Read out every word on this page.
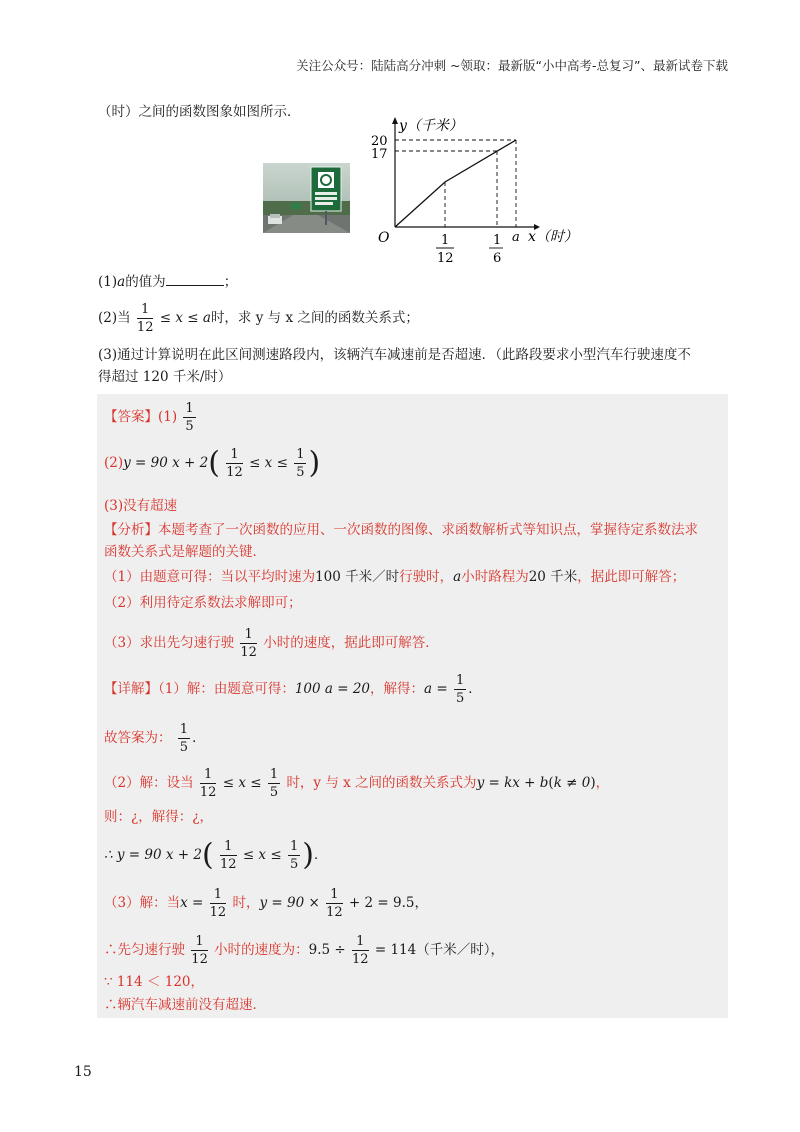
关注公众号：陆陆高分冲刺 ~领取：最新版“小中高考-总复习”、最新试卷下载
（时）之间的函数图象如图所示．
y（千米）
20
17
O	a x（时）
1
12
1
6
(1)a的值为	；
(2)当 $\frac{1}{12} \le x \le a$时，求 y 与 x 之间的函数关系式；
(3)通过计算说明在此区间测速路段内，该辆汽车减速前是否超速．（此路段要求小型汽车行驶速度不
得超过 120 千米/时）
【答案】$(1) \frac{1}{5}$
(2)y = 90 $x + 2( \frac{1}{12} \le x \le \frac{1}{5}$ )
(3)没有超速
【分析】本题考查了一次函数的应用、一次函数的图像、求函数解析式等知识点，掌握待定系数法求
函数关系式是解题的关键．
（1）由题意可得：当以平均时速为100 千米／时行驶时，a小时路程为20 千米，据此即可解答；
（2）利用待定系数法求解即可；
（3）求出先匀速行驶 $\frac{1}{12}$ 小时的速度，据此即可解答．
【详解】（1）解：由题意可得：100 a = 20，解得：$a = \frac{1}{5}$ ．
故答案为： $\frac{1}{5}$ ．
（2）解：设当 $\frac{1}{12} \le x \le \frac{1}{5}$ 时，y 与 x 之间的函数关系式为y = kx + b(k ≠ 0)，
则：¿，解得：¿，
∴ y = 90 $x + 2( \frac{1}{12} \le x \le \frac{1}{5}$ )．
（3）解：当$x = \frac{1}{12}$ 时，$y = 90 \times \frac{1}{12} + 2 = 9.5$，
∴先匀速行驶 $\frac{1}{12}$ 小时的速度为：$9.5 \div \frac{1}{12} = 114$（千米／时），
∵ 114 ＜ 120，
∴辆汽车减速前没有超速．
15
